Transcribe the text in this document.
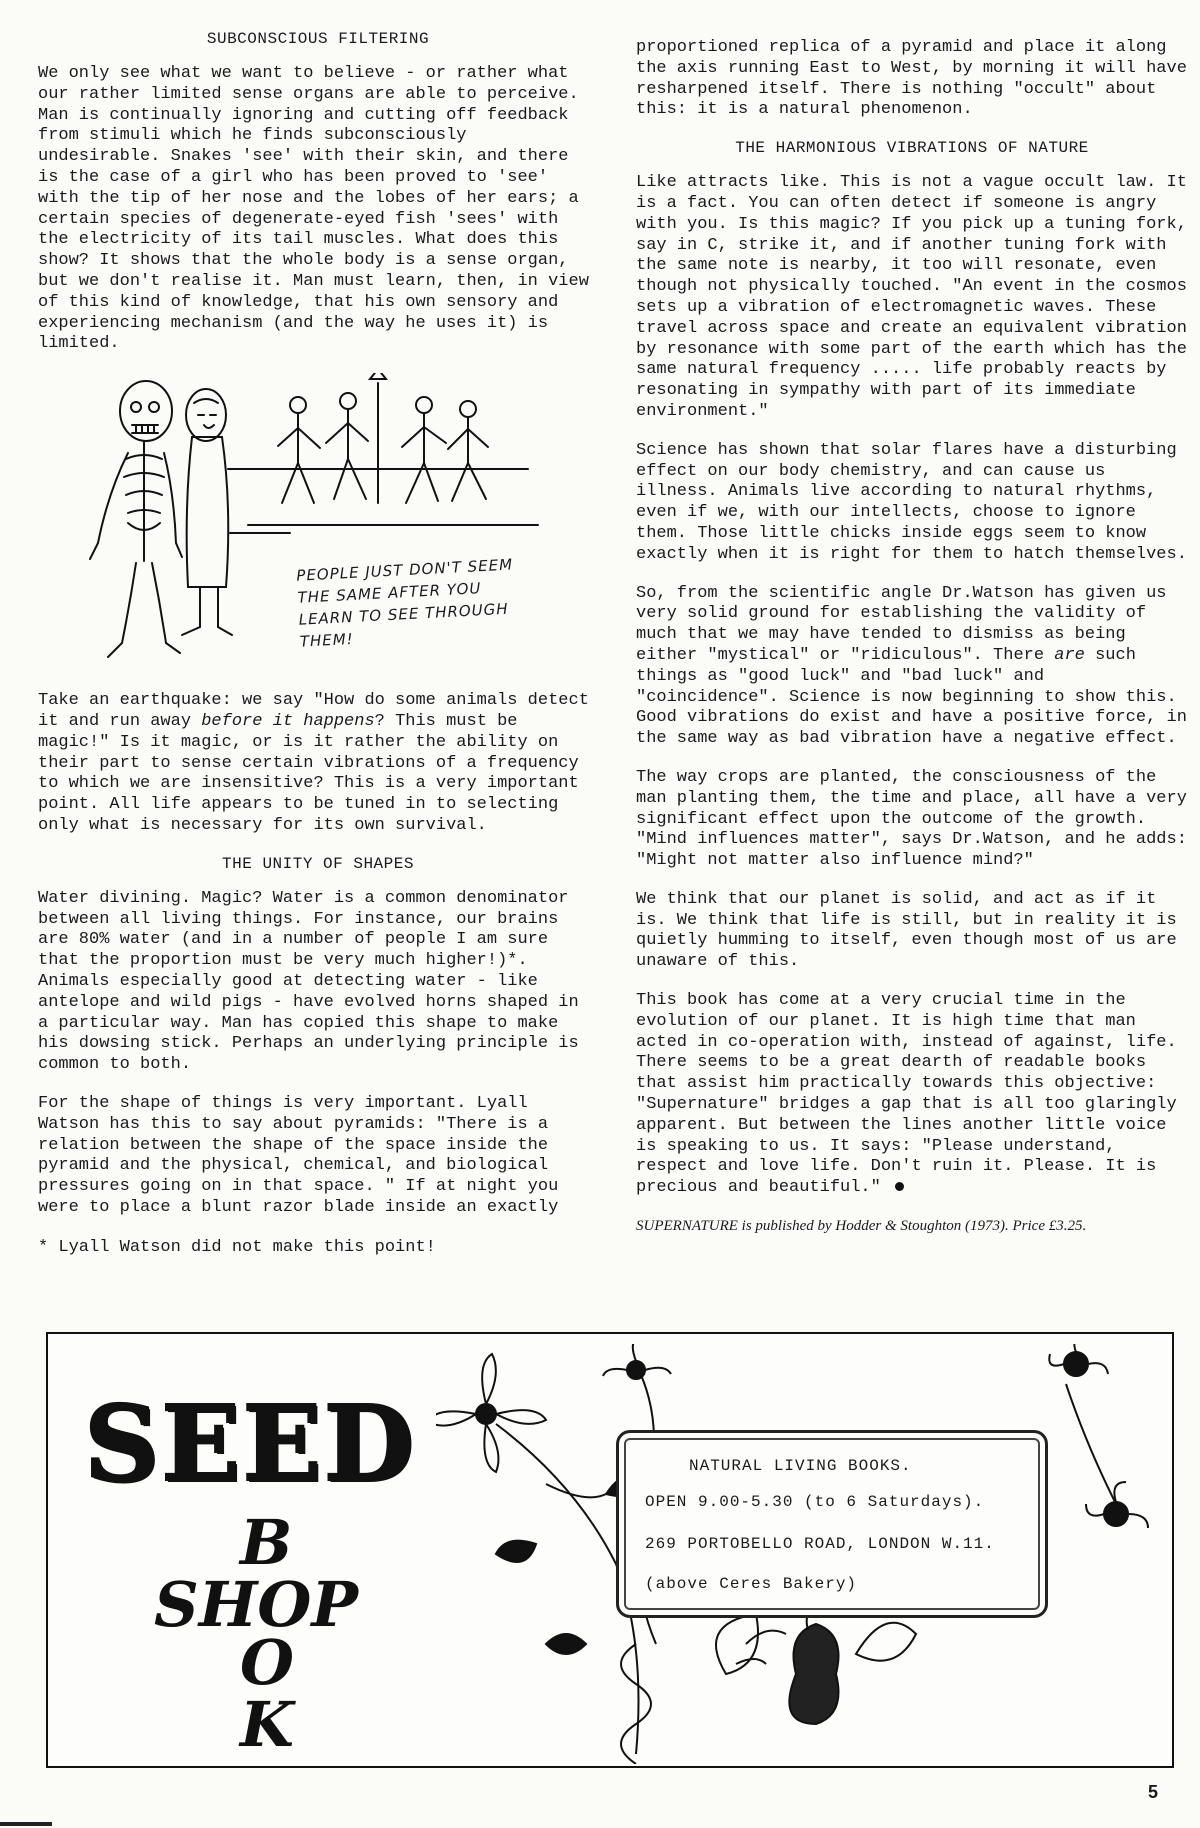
SUBCONSCIOUS FILTERING

We only see what we want to believe - or rather what our rather limited sense organs are able to perceive. Man is continually ignoring and cutting off feedback from stimuli which he finds subconsciously undesirable. Snakes 'see' with their skin, and there is the case of a girl who has been proved to 'see' with the tip of her nose and the lobes of her ears; a certain species of degenerate-eyed fish 'sees' with the electricity of its tail muscles. What does this show? It shows that the whole body is a sense organ, but we don't realise it. Man must learn, then, in view of this kind of knowledge, that his own sensory and experiencing mechanism (and the way he uses it) is limited.

PEOPLE JUST DON'T SEEM THE SAME AFTER YOU LEARN TO SEE THROUGH THEM!

Take an earthquake: we say "How do some animals detect it and run away before it happens? This must be magic!" Is it magic, or is it rather the ability on their part to sense certain vibrations of a frequency to which we are insensitive? This is a very important point. All life appears to be tuned in to selecting only what is necessary for its own survival.

THE UNITY OF SHAPES

Water divining. Magic? Water is a common denominator between all living things. For instance, our brains are 80% water (and in a number of people I am sure that the proportion must be very much higher!)*. Animals especially good at detecting water - like antelope and wild pigs - have evolved horns shaped in a particular way. Man has copied this shape to make his dowsing stick. Perhaps an underlying principle is common to both.

For the shape of things is very important. Lyall Watson has this to say about pyramids: "There is a relation between the shape of the space inside the pyramid and the physical, chemical, and biological pressures going on in that space. " If at night you were to place a blunt razor blade inside an exactly

* Lyall Watson did not make this point!

proportioned replica of a pyramid and place it along the axis running East to West, by morning it will have resharpened itself. There is nothing "occult" about this: it is a natural phenomenon.

THE HARMONIOUS VIBRATIONS OF NATURE

Like attracts like. This is not a vague occult law. It is a fact. You can often detect if someone is angry with you. Is this magic? If you pick up a tuning fork, say in C, strike it, and if another tuning fork with the same note is nearby, it too will resonate, even though not physically touched. "An event in the cosmos sets up a vibration of electromagnetic waves. These travel across space and create an equivalent vibration by resonance with some part of the earth which has the same natural frequency ..... life probably reacts by resonating in sympathy with part of its immediate environment."

Science has shown that solar flares have a disturbing effect on our body chemistry, and can cause us illness. Animals live according to natural rhythms, even if we, with our intellects, choose to ignore them. Those little chicks inside eggs seem to know exactly when it is right for them to hatch themselves.

So, from the scientific angle Dr.Watson has given us very solid ground for establishing the validity of much that we may have tended to dismiss as being either "mystical" or "ridiculous". There are such things as "good luck" and "bad luck" and "coincidence". Science is now beginning to show this. Good vibrations do exist and have a positive force, in the same way as bad vibration have a negative effect.

The way crops are planted, the consciousness of the man planting them, the time and place, all have a very significant effect upon the outcome of the growth. "Mind influences matter", says Dr.Watson, and he adds: "Might not matter also influence mind?"

We think that our planet is solid, and act as if it is. We think that life is still, but in reality it is quietly humming to itself, even though most of us are unaware of this.

This book has come at a very crucial time in the evolution of our planet. It is high time that man acted in co-operation with, instead of against, life. There seems to be a great dearth of readable books that assist him practically towards this objective: "Supernature" bridges a gap that is all too glaringly apparent. But between the lines another little voice is speaking to us. It says: "Please understand, respect and love life. Don't ruin it. Please. It is precious and beautiful."

SUPERNATURE is published by Hodder & Stoughton (1973). Price £3.25.
SEED
B
SHOP
O
K
NATURAL LIVING BOOKS.
OPEN 9.00-5.30 (to 6 Saturdays).
269 PORTOBELLO ROAD, LONDON W.11.
(above Ceres Bakery)
5
